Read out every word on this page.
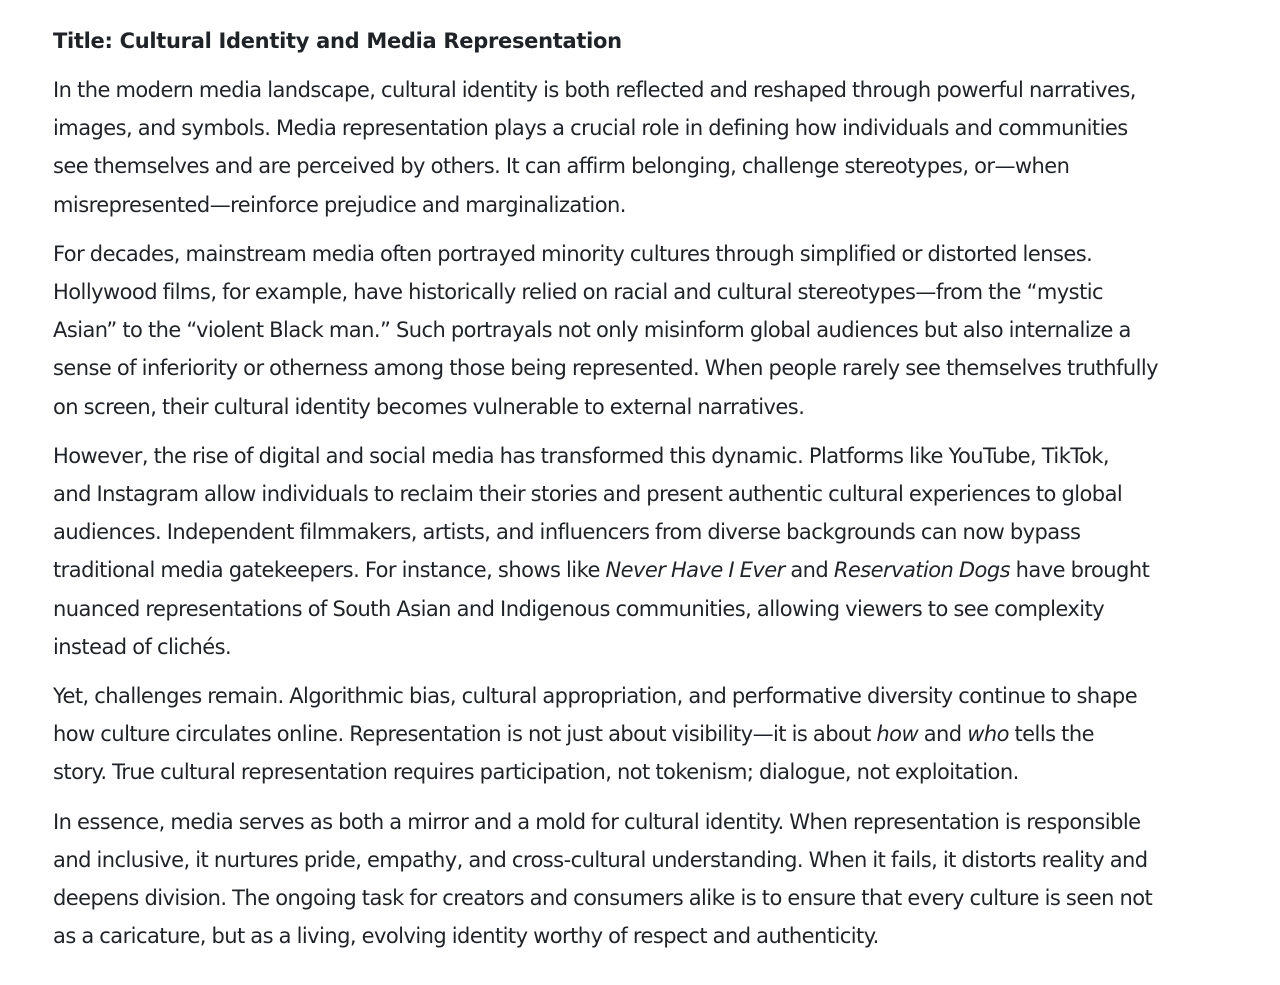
Title: Cultural Identity and Media Representation

In the modern media landscape, cultural identity is both reflected and reshaped through powerful narratives,
images, and symbols. Media representation plays a crucial role in defining how individuals and communities
see themselves and are perceived by others. It can affirm belonging, challenge stereotypes, or—when
misrepresented—reinforce prejudice and marginalization.

For decades, mainstream media often portrayed minority cultures through simplified or distorted lenses.
Hollywood films, for example, have historically relied on racial and cultural stereotypes—from the “mystic
Asian” to the “violent Black man.” Such portrayals not only misinform global audiences but also internalize a
sense of inferiority or otherness among those being represented. When people rarely see themselves truthfully
on screen, their cultural identity becomes vulnerable to external narratives.

However, the rise of digital and social media has transformed this dynamic. Platforms like YouTube, TikTok,
and Instagram allow individuals to reclaim their stories and present authentic cultural experiences to global
audiences. Independent filmmakers, artists, and influencers from diverse backgrounds can now bypass
traditional media gatekeepers. For instance, shows like Never Have I Ever and Reservation Dogs have brought
nuanced representations of South Asian and Indigenous communities, allowing viewers to see complexity
instead of clichés.

Yet, challenges remain. Algorithmic bias, cultural appropriation, and performative diversity continue to shape
how culture circulates online. Representation is not just about visibility—it is about how and who tells the
story. True cultural representation requires participation, not tokenism; dialogue, not exploitation.

In essence, media serves as both a mirror and a mold for cultural identity. When representation is responsible
and inclusive, it nurtures pride, empathy, and cross-cultural understanding. When it fails, it distorts reality and
deepens division. The ongoing task for creators and consumers alike is to ensure that every culture is seen not
as a caricature, but as a living, evolving identity worthy of respect and authenticity.
